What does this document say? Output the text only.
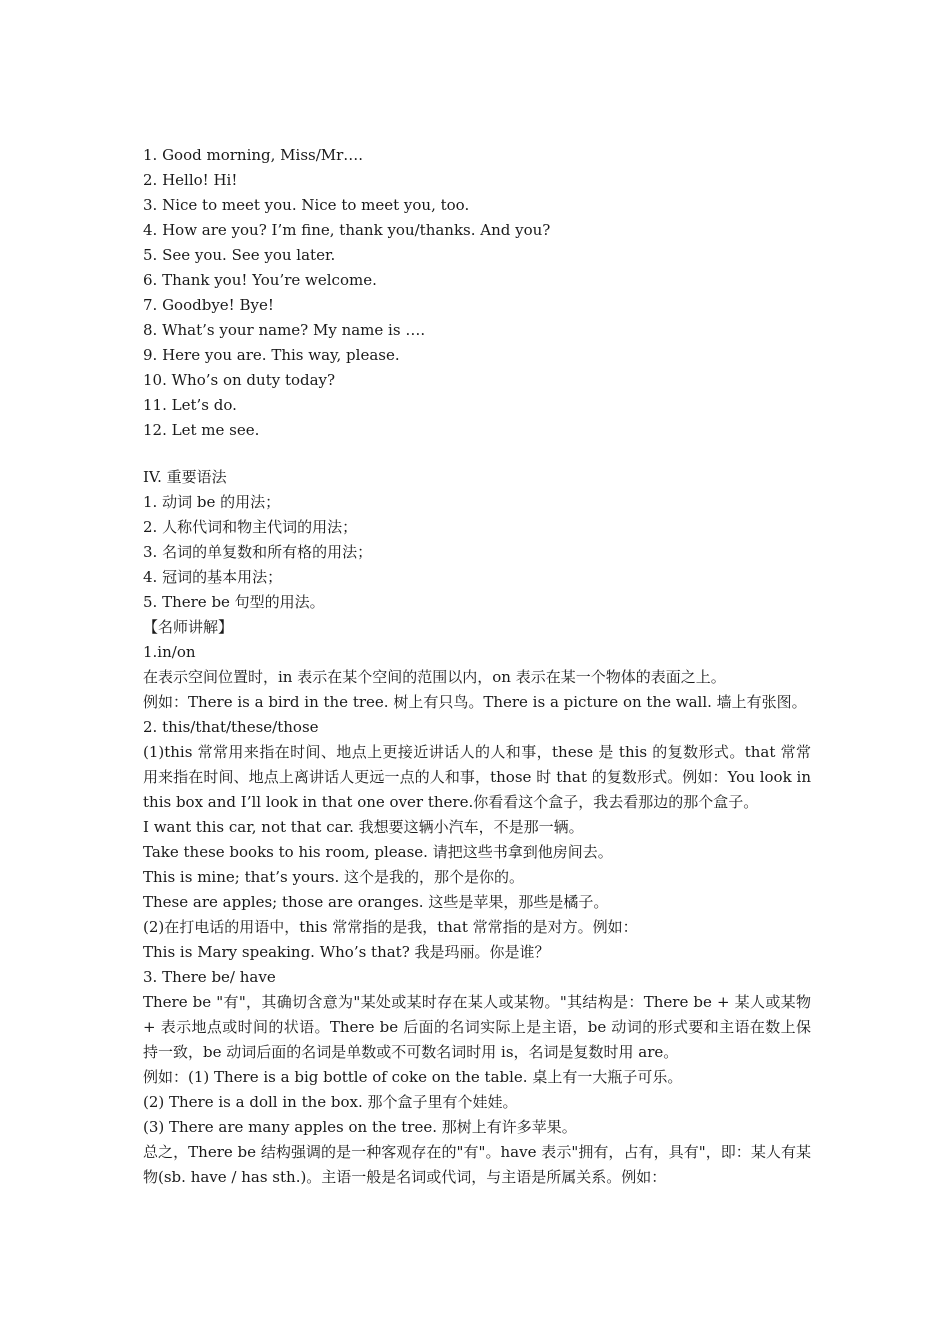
1. Good morning, Miss/Mr….
2. Hello! Hi!
3. Nice to meet you. Nice to meet you, too.
4. How are you? I’m fine, thank you/thanks. And you?
5. See you. See you later.
6. Thank you! You’re welcome.
7. Goodbye! Bye!
8. What’s your name? My name is ….
9. Here you are. This way, please.
10. Who’s on duty today?
11. Let’s do.
12. Let me see.
IV. 重要语法
1. 动词 be 的用法；
2. 人称代词和物主代词的用法；
3. 名词的单复数和所有格的用法；
4. 冠词的基本用法；
5. There be 句型的用法。
【名师讲解】
1.in/on
在表示空间位置时，in 表示在某个空间的范围以内，on 表示在某一个物体的表面之上。
例如：There is a bird in the tree. 树上有只鸟。There is a picture on the wall. 墙上有张图。
2. this/that/these/those
(1)this 常常用来指在时间、地点上更接近讲话人的人和事，these 是 this 的复数形式。that 常常用来指在时间、地点上离讲话人更远一点的人和事，those 时 that 的复数形式。例如：You look in this box and I’ll look in that one over there.你看看这个盒子，我去看那边的那个盒子。
I want this car, not that car. 我想要这辆小汽车，不是那一辆。
Take these books to his room, please. 请把这些书拿到他房间去。
This is mine; that’s yours. 这个是我的，那个是你的。
These are apples; those are oranges. 这些是苹果，那些是橘子。
(2)在打电话的用语中，this 常常指的是我，that 常常指的是对方。例如：
This is Mary speaking. Who’s that? 我是玛丽。你是谁？
3. There be/ have
There be "有"，其确切含意为"某处或某时存在某人或某物。"其结构是：There be + 某人或某物 + 表示地点或时间的状语。There be 后面的名词实际上是主语，be 动词的形式要和主语在数上保持一致，be 动词后面的名词是单数或不可数名词时用 is，名词是复数时用 are。
例如：(1) There is a big bottle of coke on the table. 桌上有一大瓶子可乐。
(2) There is a doll in the box. 那个盒子里有个娃娃。
(3) There are many apples on the tree. 那树上有许多苹果。
总之，There be 结构强调的是一种客观存在的"有"。have 表示"拥有，占有，具有"，即：某人有某物(sb. have / has sth.)。主语一般是名词或代词，与主语是所属关系。例如：
